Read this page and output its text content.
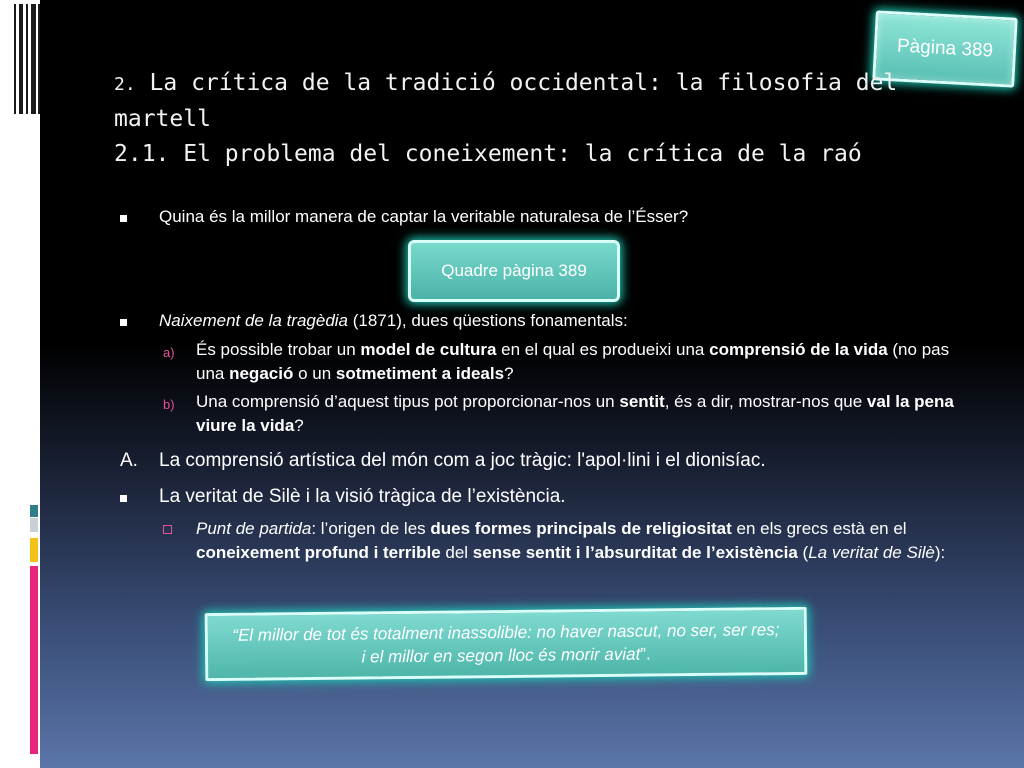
Pàgina 389
2. La crítica de la tradició occidental: la filosofia del
martell
2.1. El problema del coneixement: la crítica de la raó
Quina és la millor manera de captar la veritable naturalesa de l’Ésser?
Naixement de la tragèdia (1871), dues qüestions fonamentals:
a) És possible trobar un model de cultura en el qual es produeixi una comprensió de la vida (no pas una negació o un sotmetiment a ideals?
b) Una comprensió d’aquest tipus pot proporcionar-nos un sentit, és a dir, mostrar-nos que val la pena viure la vida?
A. La comprensió artística del món com a joc tràgic: l'apol·lini i el dionisíac.
La veritat de Silè i la visió tràgica de l’existència.
Punt de partida: l’origen de les dues formes principals de religiositat en els grecs està en el coneixement profund i terrible del sense sentit i l’absurditat de l’existència (La veritat de Silè):
Quadre pàgina 389
“El millor de tot és totalment inassolible: no haver nascut, no ser, ser res;
i el millor en segon lloc és morir aviat”.
